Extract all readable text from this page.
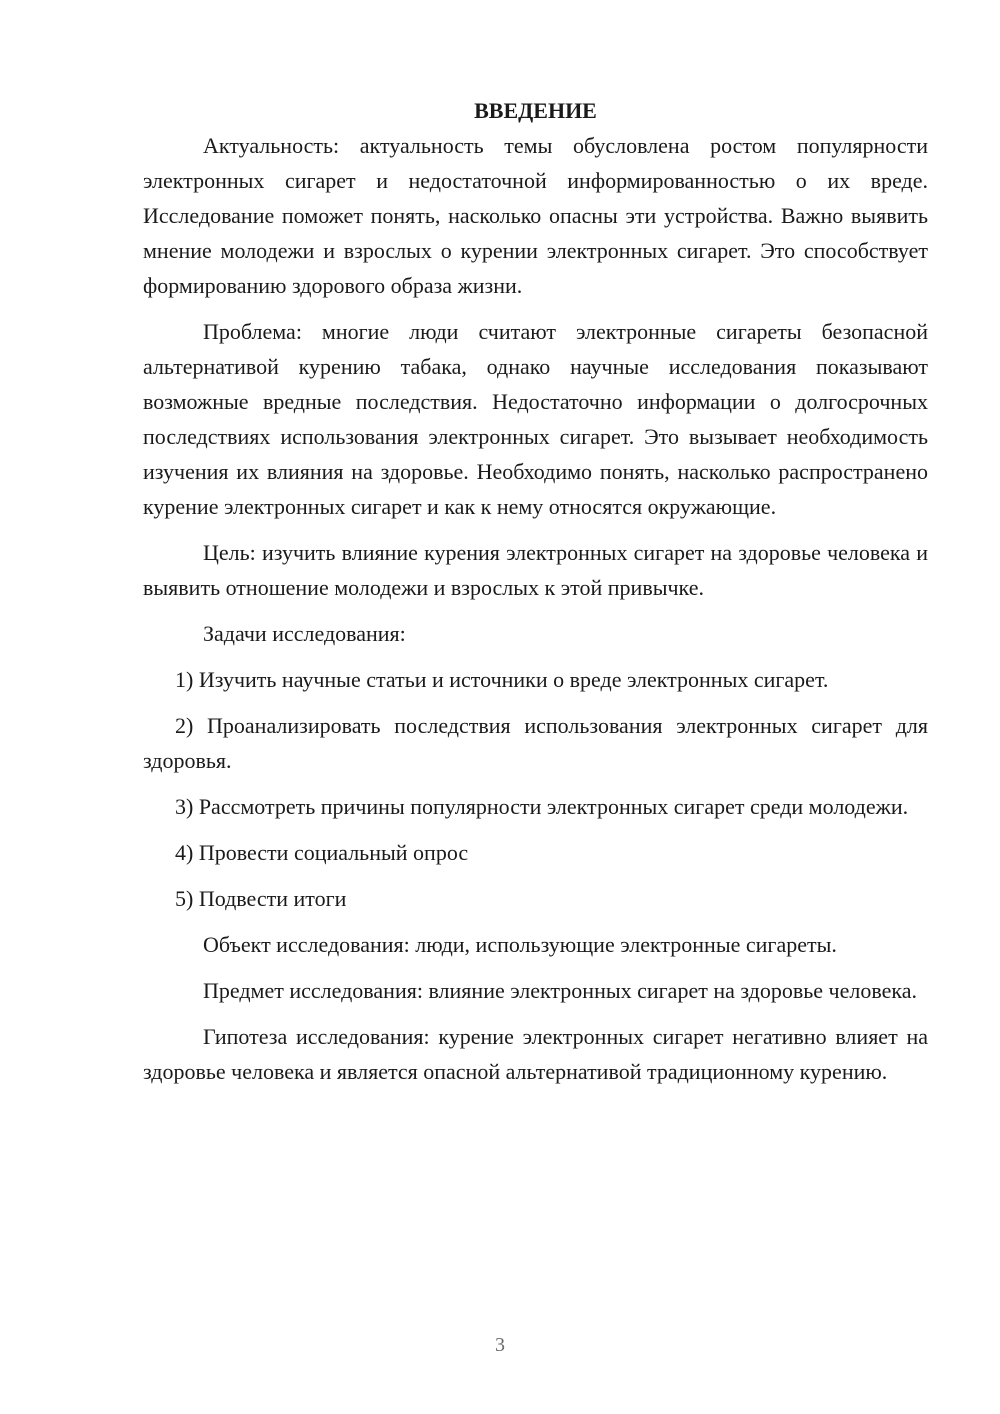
ВВЕДЕНИЕ

Актуальность: актуальность темы обусловлена ростом популярности электронных сигарет и недостаточной информированностью о их вреде. Исследование поможет понять, насколько опасны эти устройства. Важно выявить мнение молодежи и взрослых о курении электронных сигарет. Это способствует формированию здорового образа жизни.

Проблема: многие люди считают электронные сигареты безопасной альтернативой курению табака, однако научные исследования показывают возможные вредные последствия. Недостаточно информации о долгосрочных последствиях использования электронных сигарет. Это вызывает необходимость изучения их влияния на здоровье. Необходимо понять, насколько распространено курение электронных сигарет и как к нему относятся окружающие.

Цель: изучить влияние курения электронных сигарет на здоровье человека и выявить отношение молодежи и взрослых к этой привычке.

Задачи исследования:

1) Изучить научные статьи и источники о вреде электронных сигарет.

2) Проанализировать последствия использования электронных сигарет для здоровья.

3) Рассмотреть причины популярности электронных сигарет среди молодежи.

4) Провести социальный опрос

5) Подвести итоги

Объект исследования: люди, использующие электронные сигареты.

Предмет исследования: влияние электронных сигарет на здоровье человека.

Гипотеза исследования: курение электронных сигарет негативно влияет на здоровье человека и является опасной альтернативой традиционному курению.

3
